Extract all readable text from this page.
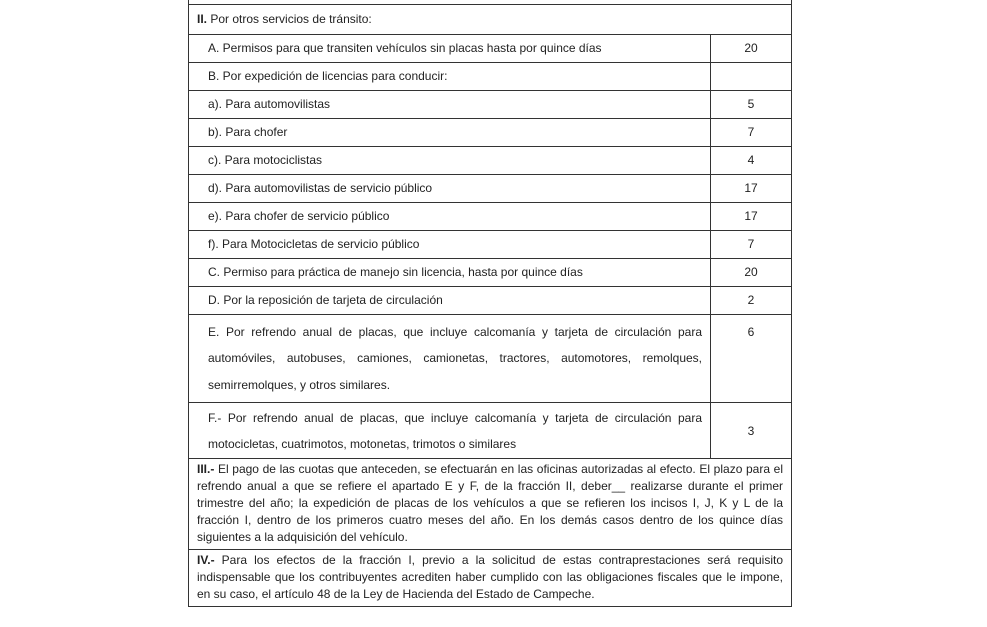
II. Por otros servicios de tránsito:	

A. Permisos para que transiten vehículos sin placas hasta por quince días	20

B. Por expedición de licencias para conducir:	

a). Para automovilistas	5

b). Para chofer	7

c). Para motociclistas	4

d). Para automovilistas de servicio público	17

e). Para chofer de servicio público	17

f). Para Motocicletas de servicio público	7

C. Permiso para práctica de manejo sin licencia, hasta por quince días	20

D. Por la reposición de tarjeta de circulación	2

E. Por refrendo anual de placas, que incluye calcomanía y tarjeta de circulación para automóviles, autobuses, camiones, camionetas, tractores, automotores, remolques, semirremolques, y otros similares.	6

F.- Por refrendo anual de placas, que incluye calcomanía y tarjeta de circulación para motocicletas, cuatrimotos, motonetas, trimotos o similares	3
III.- El pago de las cuotas que anteceden, se efectuarán en las oficinas autorizadas al efecto. El plazo para el refrendo anual a que se refiere el apartado E y F, de la fracción II, deber__ realizarse durante el primer trimestre del año; la expedición de placas de los vehículos a que se refieren los incisos I, J, K y L de la fracción I, dentro de los primeros cuatro meses del año. En los demás casos dentro de los quince días siguientes a la adquisición del vehículo.	
IV.- Para los efectos de la fracción I, previo a la solicitud de estas contraprestaciones será requisito indispensable que los contribuyentes acrediten haber cumplido con las obligaciones fiscales que le impone, en su caso, el artículo 48 de la Ley de Hacienda del Estado de Campeche.	
